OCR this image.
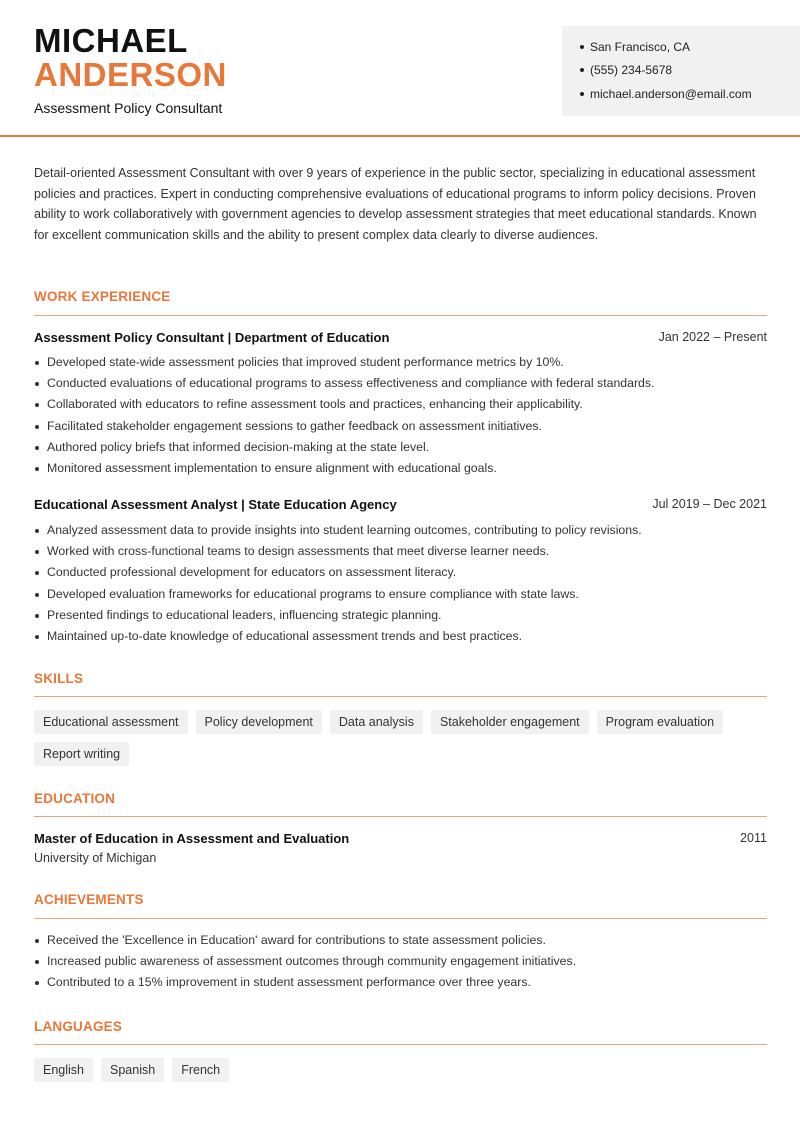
MICHAEL
ANDERSON
Assessment Policy Consultant
San Francisco, CA
(555) 234-5678
michael.anderson@email.com

Detail-oriented Assessment Consultant with over 9 years of experience in the public sector, specializing in educational assessment policies and practices. Expert in conducting comprehensive evaluations of educational programs to inform policy decisions. Proven ability to work collaboratively with government agencies to develop assessment strategies that meet educational standards. Known for excellent communication skills and the ability to present complex data clearly to diverse audiences.

WORK EXPERIENCE
Assessment Policy Consultant | Department of Education	Jan 2022 – Present
Developed state-wide assessment policies that improved student performance metrics by 10%.
Conducted evaluations of educational programs to assess effectiveness and compliance with federal standards.
Collaborated with educators to refine assessment tools and practices, enhancing their applicability.
Facilitated stakeholder engagement sessions to gather feedback on assessment initiatives.
Authored policy briefs that informed decision-making at the state level.
Monitored assessment implementation to ensure alignment with educational goals.
Educational Assessment Analyst | State Education Agency	Jul 2019 – Dec 2021
Analyzed assessment data to provide insights into student learning outcomes, contributing to policy revisions.
Worked with cross-functional teams to design assessments that meet diverse learner needs.
Conducted professional development for educators on assessment literacy.
Developed evaluation frameworks for educational programs to ensure compliance with state laws.
Presented findings to educational leaders, influencing strategic planning.
Maintained up-to-date knowledge of educational assessment trends and best practices.
SKILLS
Educational assessment	Policy development	Data analysis	Stakeholder engagement	Program evaluation
Report writing
EDUCATION
Master of Education in Assessment and Evaluation	2011
University of Michigan
ACHIEVEMENTS
Received the 'Excellence in Education' award for contributions to state assessment policies.
Increased public awareness of assessment outcomes through community engagement initiatives.
Contributed to a 15% improvement in student assessment performance over three years.
LANGUAGES
English	Spanish	French
